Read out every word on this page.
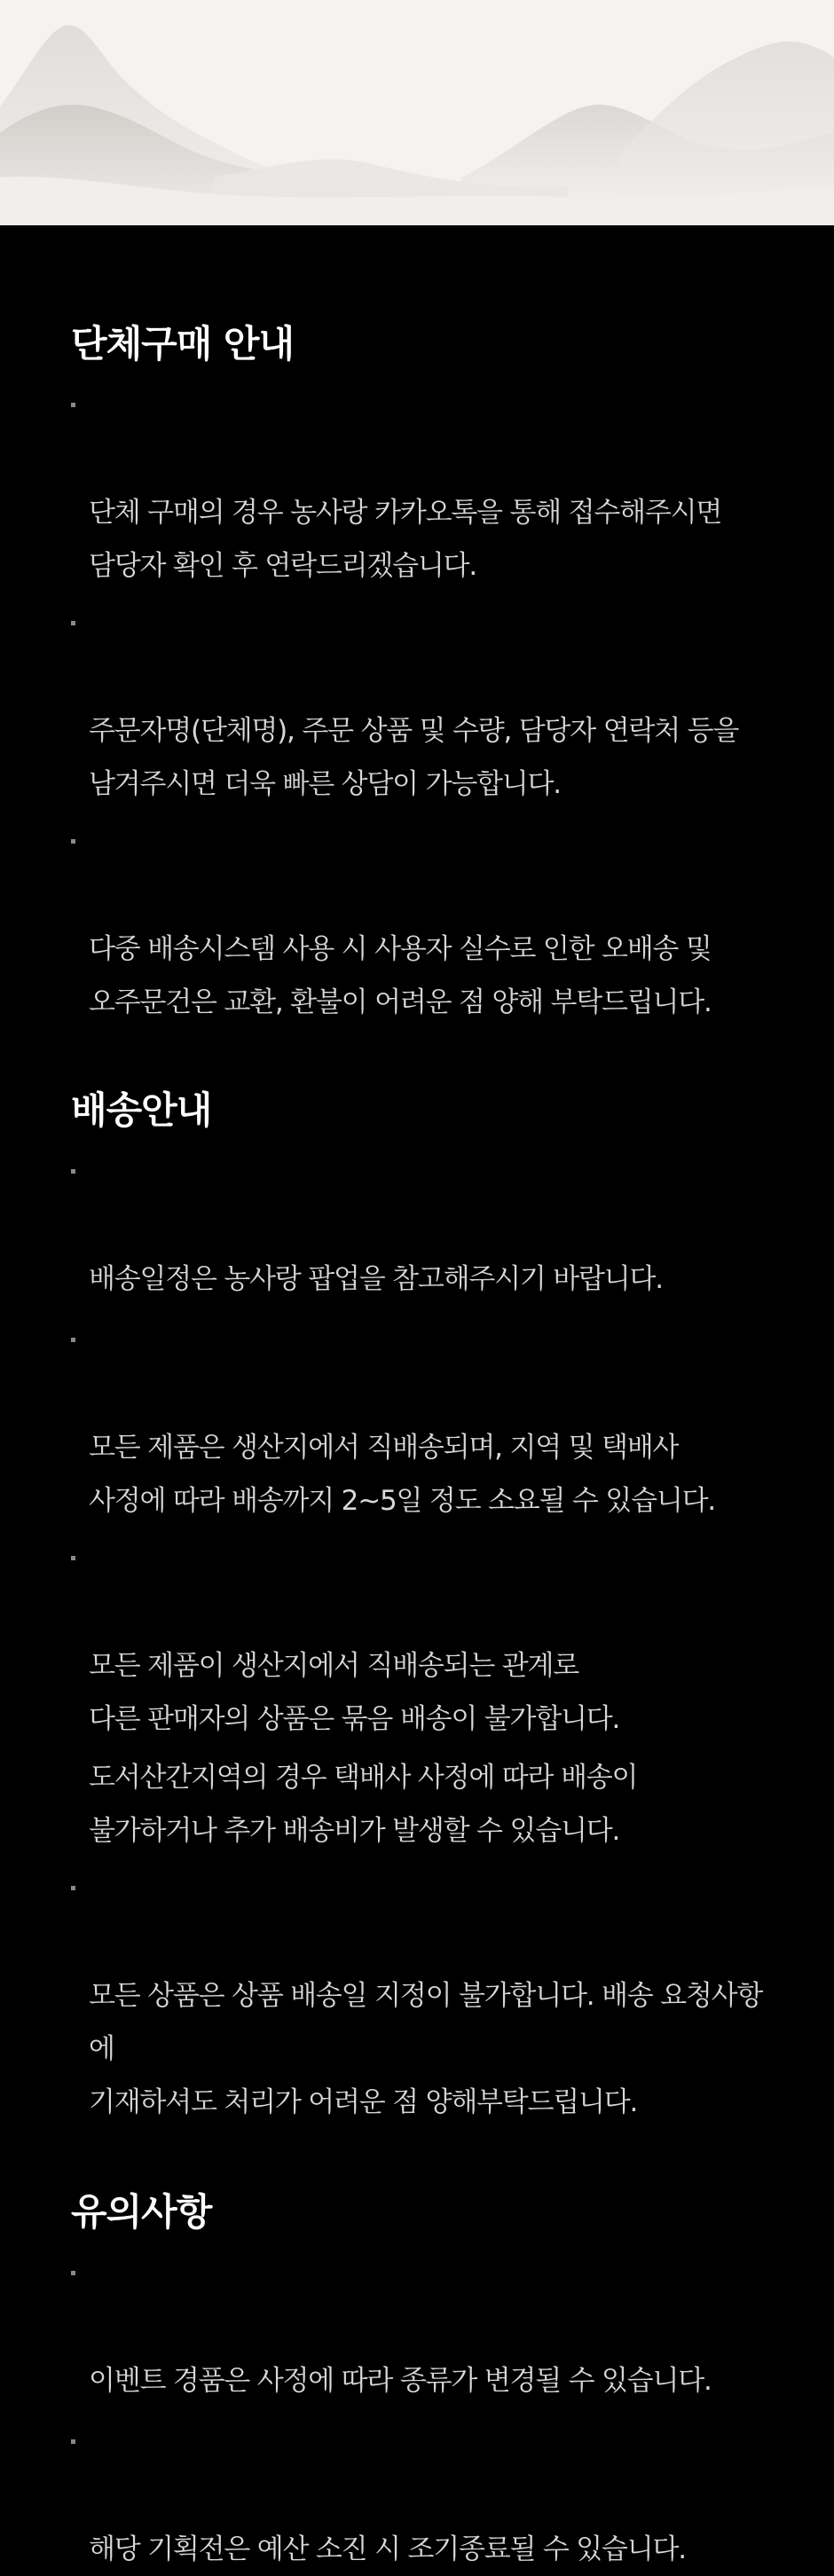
단체구매 안내

단체 구매의 경우 농사랑 카카오톡을 통해 접수해주시면
담당자 확인 후 연락드리겠습니다.

주문자명(단체명), 주문 상품 및 수량, 담당자 연락처 등을
남겨주시면 더욱 빠른 상담이 가능합니다.

다중 배송시스템 사용 시 사용자 실수로 인한 오배송 및
오주문건은 교환, 환불이 어려운 점 양해 부탁드립니다.

배송안내

배송일정은 농사랑 팝업을 참고해주시기 바랍니다.

모든 제품은 생산지에서 직배송되며, 지역 및 택배사
사정에 따라 배송까지 2~5일 정도 소요될 수 있습니다.

모든 제품이 생산지에서 직배송되는 관계로
다른 판매자의 상품은 묶음 배송이 불가합니다.

도서산간지역의 경우 택배사 사정에 따라 배송이
불가하거나 추가 배송비가 발생할 수 있습니다.

모든 상품은 상품 배송일 지정이 불가합니다. 배송 요청사항에
기재하셔도 처리가 어려운 점 양해부탁드립니다.

유의사항

이벤트 경품은 사정에 따라 종류가 변경될 수 있습니다.

해당 기획전은 예산 소진 시 조기종료될 수 있습니다.
